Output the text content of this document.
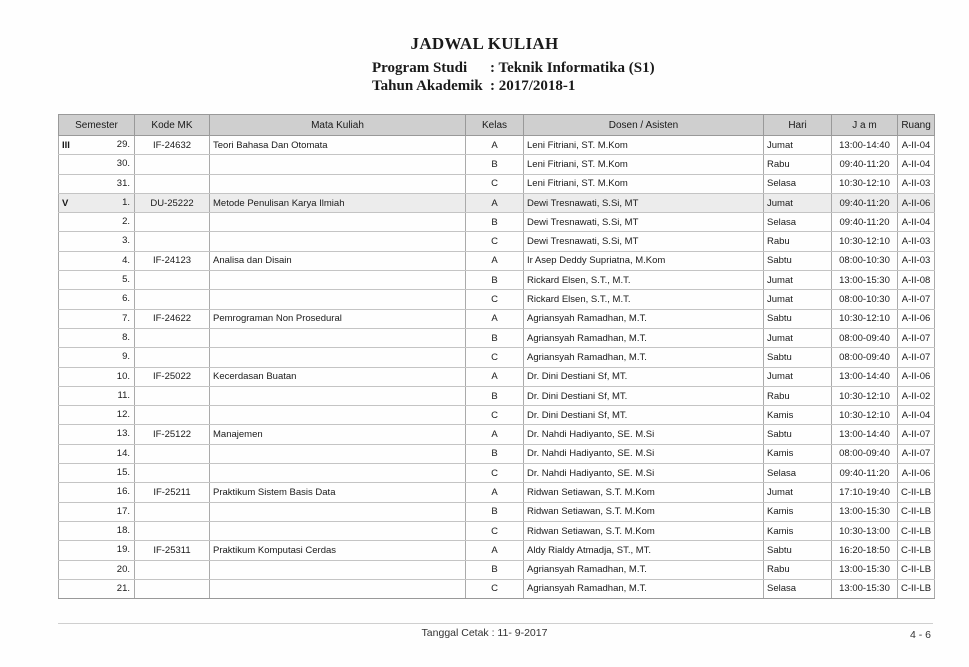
JADWAL KULIAH
Program Studi : Teknik Informatika (S1)
Tahun Akademik : 2017/2018-1
Semester	Kode MK	Mata Kuliah	Kelas	Dosen / Asisten	Hari	J a m	Ruang
III 29.	IF-24632	Teori Bahasa Dan Otomata	A	Leni Fitriani, ST. M.Kom	Jumat	13:00-14:40	A-II-04

30.			B	Leni Fitriani, ST. M.Kom	Rabu	09:40-11:20	A-II-04

31.			C	Leni Fitriani, ST. M.Kom	Selasa	10:30-12:10	A-II-03
V 1.	DU-25222	Metode Penulisan Karya Ilmiah	A	Dewi Tresnawati, S.Si, MT	Jumat	09:40-11:20	A-II-06

2.			B	Dewi Tresnawati, S.Si, MT	Selasa	09:40-11:20	A-II-04

3.			C	Dewi Tresnawati, S.Si, MT	Rabu	10:30-12:10	A-II-03

4.	IF-24123	Analisa dan Disain	A	Ir Asep Deddy Supriatna, M.Kom	Sabtu	08:00-10:30	A-II-03

5.			B	Rickard Elsen, S.T., M.T.	Jumat	13:00-15:30	A-II-08

6.			C	Rickard Elsen, S.T., M.T.	Jumat	08:00-10:30	A-II-07

7.	IF-24622	Pemrograman Non Prosedural	A	Agriansyah Ramadhan, M.T.	Sabtu	10:30-12:10	A-II-06

8.			B	Agriansyah Ramadhan, M.T.	Jumat	08:00-09:40	A-II-07

9.			C	Agriansyah Ramadhan, M.T.	Sabtu	08:00-09:40	A-II-07

10.	IF-25022	Kecerdasan Buatan	A	Dr. Dini Destiani Sf, MT.	Jumat	13:00-14:40	A-II-06

11.			B	Dr. Dini Destiani Sf, MT.	Rabu	10:30-12:10	A-II-02

12.			C	Dr. Dini Destiani Sf, MT.	Kamis	10:30-12:10	A-II-04

13.	IF-25122	Manajemen	A	Dr. Nahdi Hadiyanto, SE. M.Si	Sabtu	13:00-14:40	A-II-07

14.			B	Dr. Nahdi Hadiyanto, SE. M.Si	Kamis	08:00-09:40	A-II-07

15.			C	Dr. Nahdi Hadiyanto, SE. M.Si	Selasa	09:40-11:20	A-II-06

16.	IF-25211	Praktikum Sistem Basis Data	A	Ridwan Setiawan, S.T. M.Kom	Jumat	17:10-19:40	C-II-LB

17.			B	Ridwan Setiawan, S.T. M.Kom	Kamis	13:00-15:30	C-II-LB

18.			C	Ridwan Setiawan, S.T. M.Kom	Kamis	10:30-13:00	C-II-LB

19.	IF-25311	Praktikum Komputasi Cerdas	A	Aldy Rialdy Atmadja, ST., MT.	Sabtu	16:20-18:50	C-II-LB

20.			B	Agriansyah Ramadhan, M.T.	Rabu	13:00-15:30	C-II-LB

21.			C	Agriansyah Ramadhan, M.T.	Selasa	13:00-15:30	C-II-LB
Tanggal Cetak : 11- 9-2017	4 - 6
